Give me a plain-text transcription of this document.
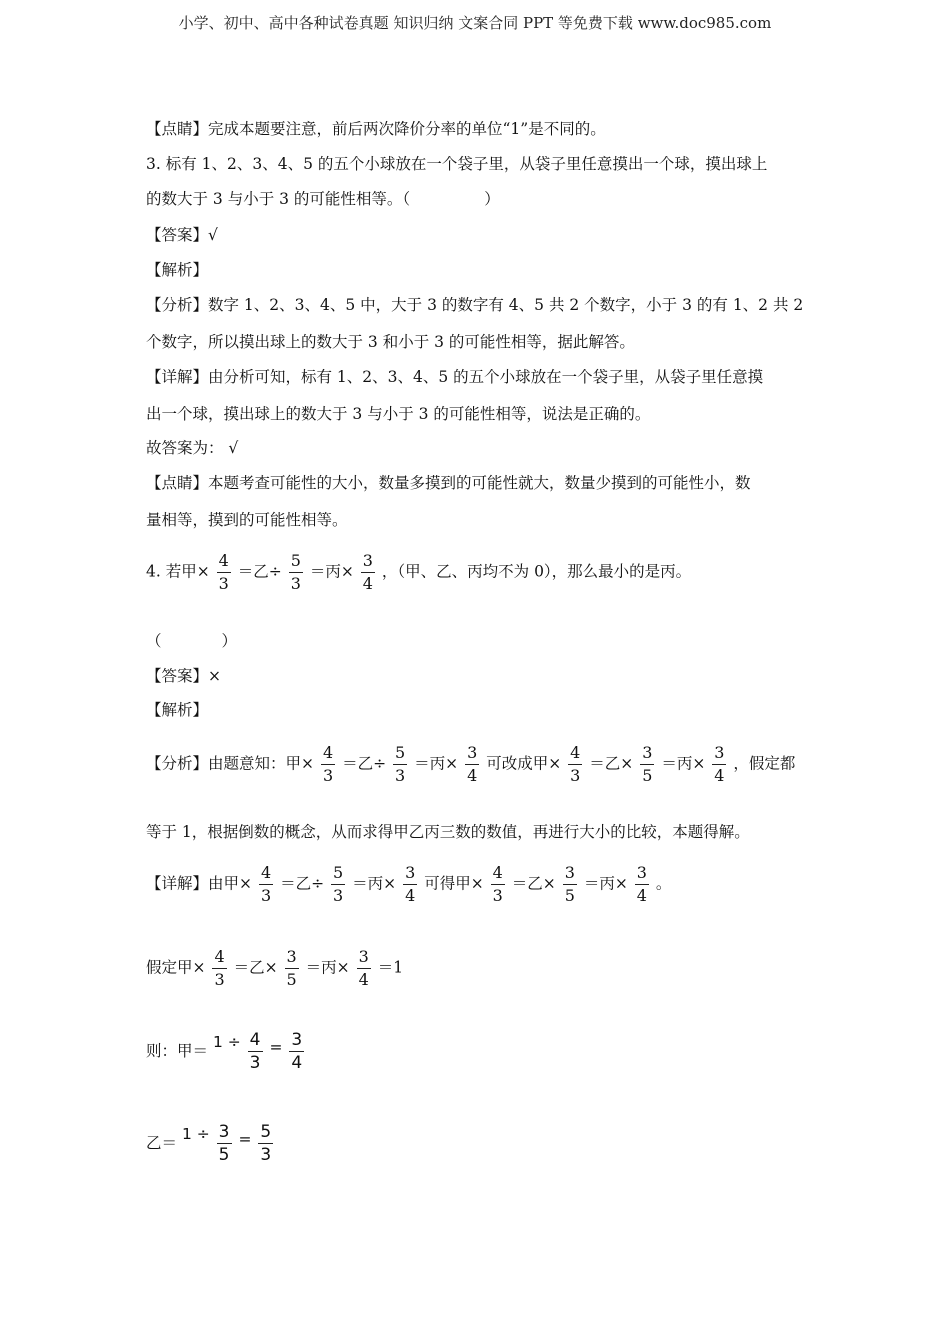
小学、初中、高中各种试卷真题 知识归纳 文案合同 PPT 等免费下载 www.doc985.com
【点睛】完成本题要注意，前后两次降价分率的单位“1”是不同的。
3. 标有 1、2、3、4、5 的五个小球放在一个袋子里，从袋子里任意摸出一个球，摸出球上
的数大于 3 与小于 3 的可能性相等。（	）
【答案】√
【解析】
【分析】数字 1、2、3、4、5 中，大于 3 的数字有 4、5 共 2 个数字，小于 3 的有 1、2 共 2
个数字，所以摸出球上的数大于 3 和小于 3 的可能性相等，据此解答。
【详解】由分析可知，标有 1、2、3、4、5 的五个小球放在一个袋子里，从袋子里任意摸
出一个球，摸出球上的数大于 3 与小于 3 的可能性相等，说法是正确的。
故答案为： √
【点睛】本题考查可能性的大小，数量多摸到的可能性就大，数量少摸到的可能性小，数
量相等，摸到的可能性相等。
4. 若甲× $\frac{4}{3}$ ＝乙÷ $\frac{5}{3}$ ＝丙× $\frac{3}{4}$ ，（甲、乙、丙均不为 0），那么最小的是丙。
（	）
【答案】×
【解析】
【分析】由题意知：甲× $\frac{4}{3}$ ＝乙÷ $\frac{5}{3}$ ＝丙× $\frac{3}{4}$ 可改成甲× $\frac{4}{3}$ ＝乙× $\frac{3}{5}$ ＝丙× $\frac{3}{4}$ ，假定都
等于 1，根据倒数的概念，从而求得甲乙丙三数的数值，再进行大小的比较，本题得解。
【详解】由甲× $\frac{4}{3}$ ＝乙÷ $\frac{5}{3}$ ＝丙× $\frac{3}{4}$ 可得甲× $\frac{4}{3}$ ＝乙× $\frac{3}{5}$ ＝丙× $\frac{3}{4}$ 。
假定甲× $\frac{4}{3}$ ＝乙× $\frac{3}{5}$ ＝丙× $\frac{3}{4} =1$
则：甲＝ $1 \div \frac{4}{3} = \frac{3}{4}$
乙＝ $1 \div \frac{3}{5} = \frac{5}{3}$
